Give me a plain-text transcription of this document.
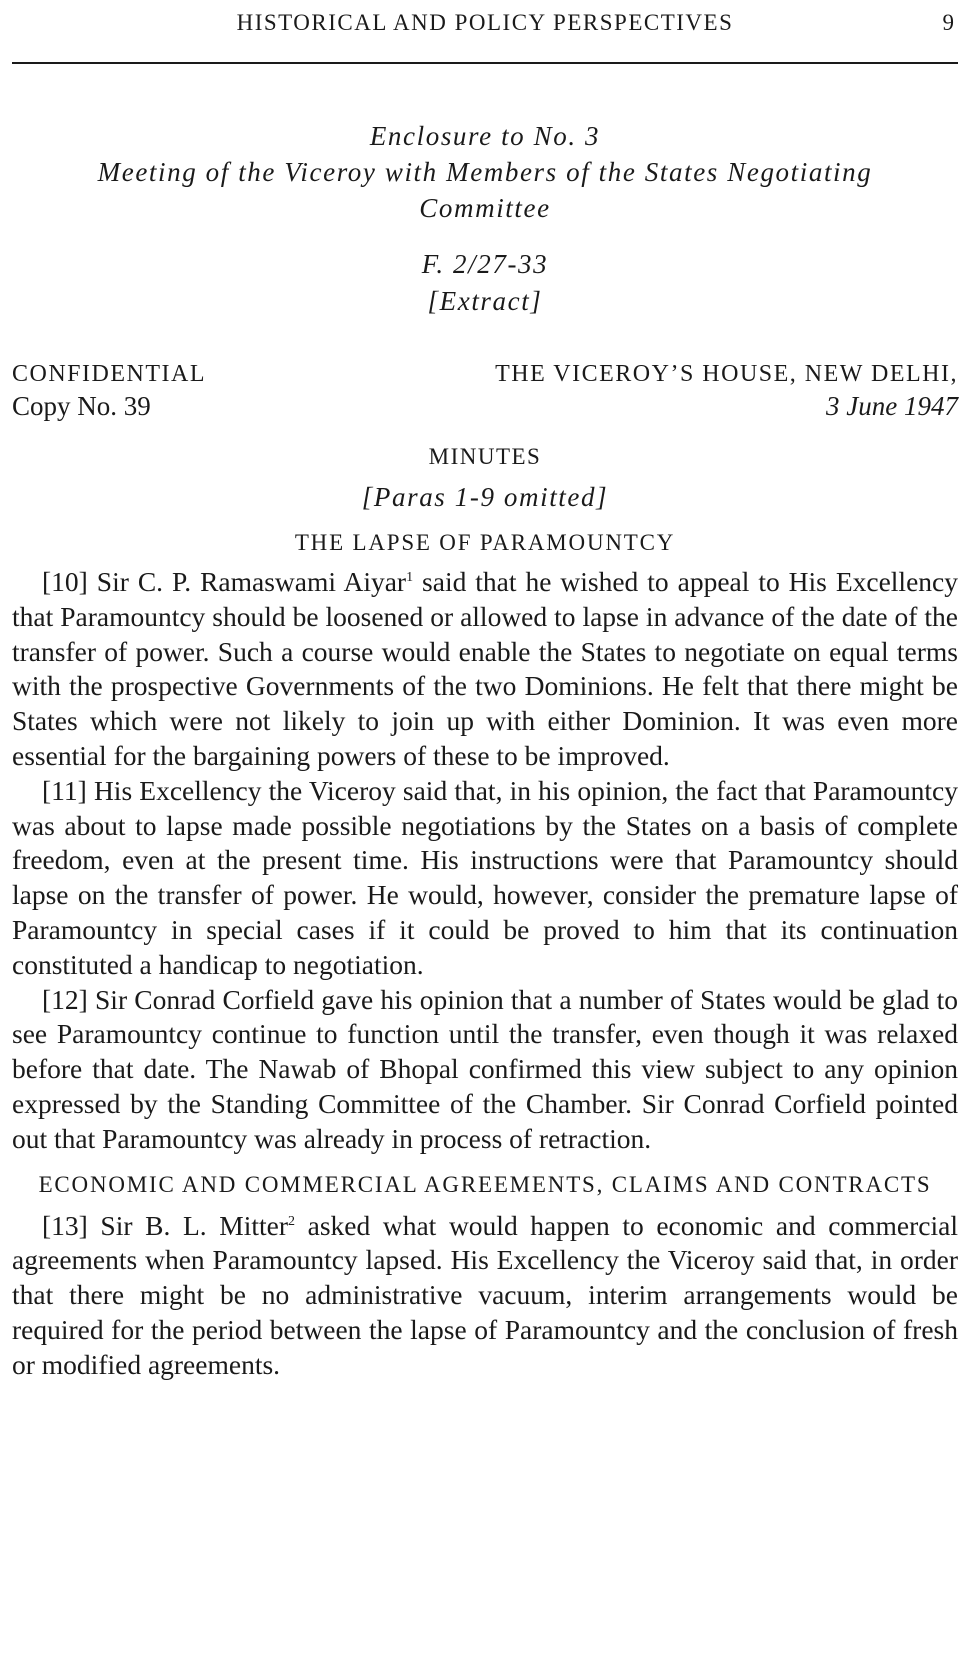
HISTORICAL AND POLICY PERSPECTIVES	9
Enclosure to No. 3
Meeting of the Viceroy with Members of the States Negotiating
Committee
F. 2/27-33
[Extract]
CONFIDENTIAL
Copy No. 39
THE VICEROY’S HOUSE, NEW DELHI,
3 June 1947
MINUTES
[Paras 1-9 omitted]
THE LAPSE OF PARAMOUNTCY

[10] Sir C. P. Ramaswami Aiyar$^1$ said that he wished to appeal to His Excellency that Paramountcy should be loosened or allowed to lapse in advance of the date of the transfer of power. Such a course would enable the States to negotiate on equal terms with the prospective Governments of the two Dominions. He felt that there might be States which were not likely to join up with either Dominion. It was even more essential for the bargaining powers of these to be improved.

[11] His Excellency the Viceroy said that, in his opinion, the fact that Paramountcy was about to lapse made possible negotiations by the States on a basis of complete freedom, even at the present time. His instructions were that Paramountcy should lapse on the transfer of power. He would, however, consider the premature lapse of Paramountcy in special cases if it could be proved to him that its continuation constituted a handicap to negotiation.

[12] Sir Conrad Corfield gave his opinion that a number of States would be glad to see Paramountcy continue to function until the transfer, even though it was relaxed before that date. The Nawab of Bhopal confirmed this view subject to any opinion expressed by the Standing Committee of the Chamber. Sir Conrad Corfield pointed out that Paramountcy was already in process of retraction.

ECONOMIC AND COMMERCIAL AGREEMENTS, CLAIMS AND CONTRACTS

[13] Sir B. L. Mitter$^2$ asked what would happen to economic and commercial agreements when Paramountcy lapsed. His Excellency the Viceroy said that, in order that there might be no administrative vacuum, interim arrangements would be required for the period between the lapse of Paramountcy and the conclusion of fresh or modified agreements.
